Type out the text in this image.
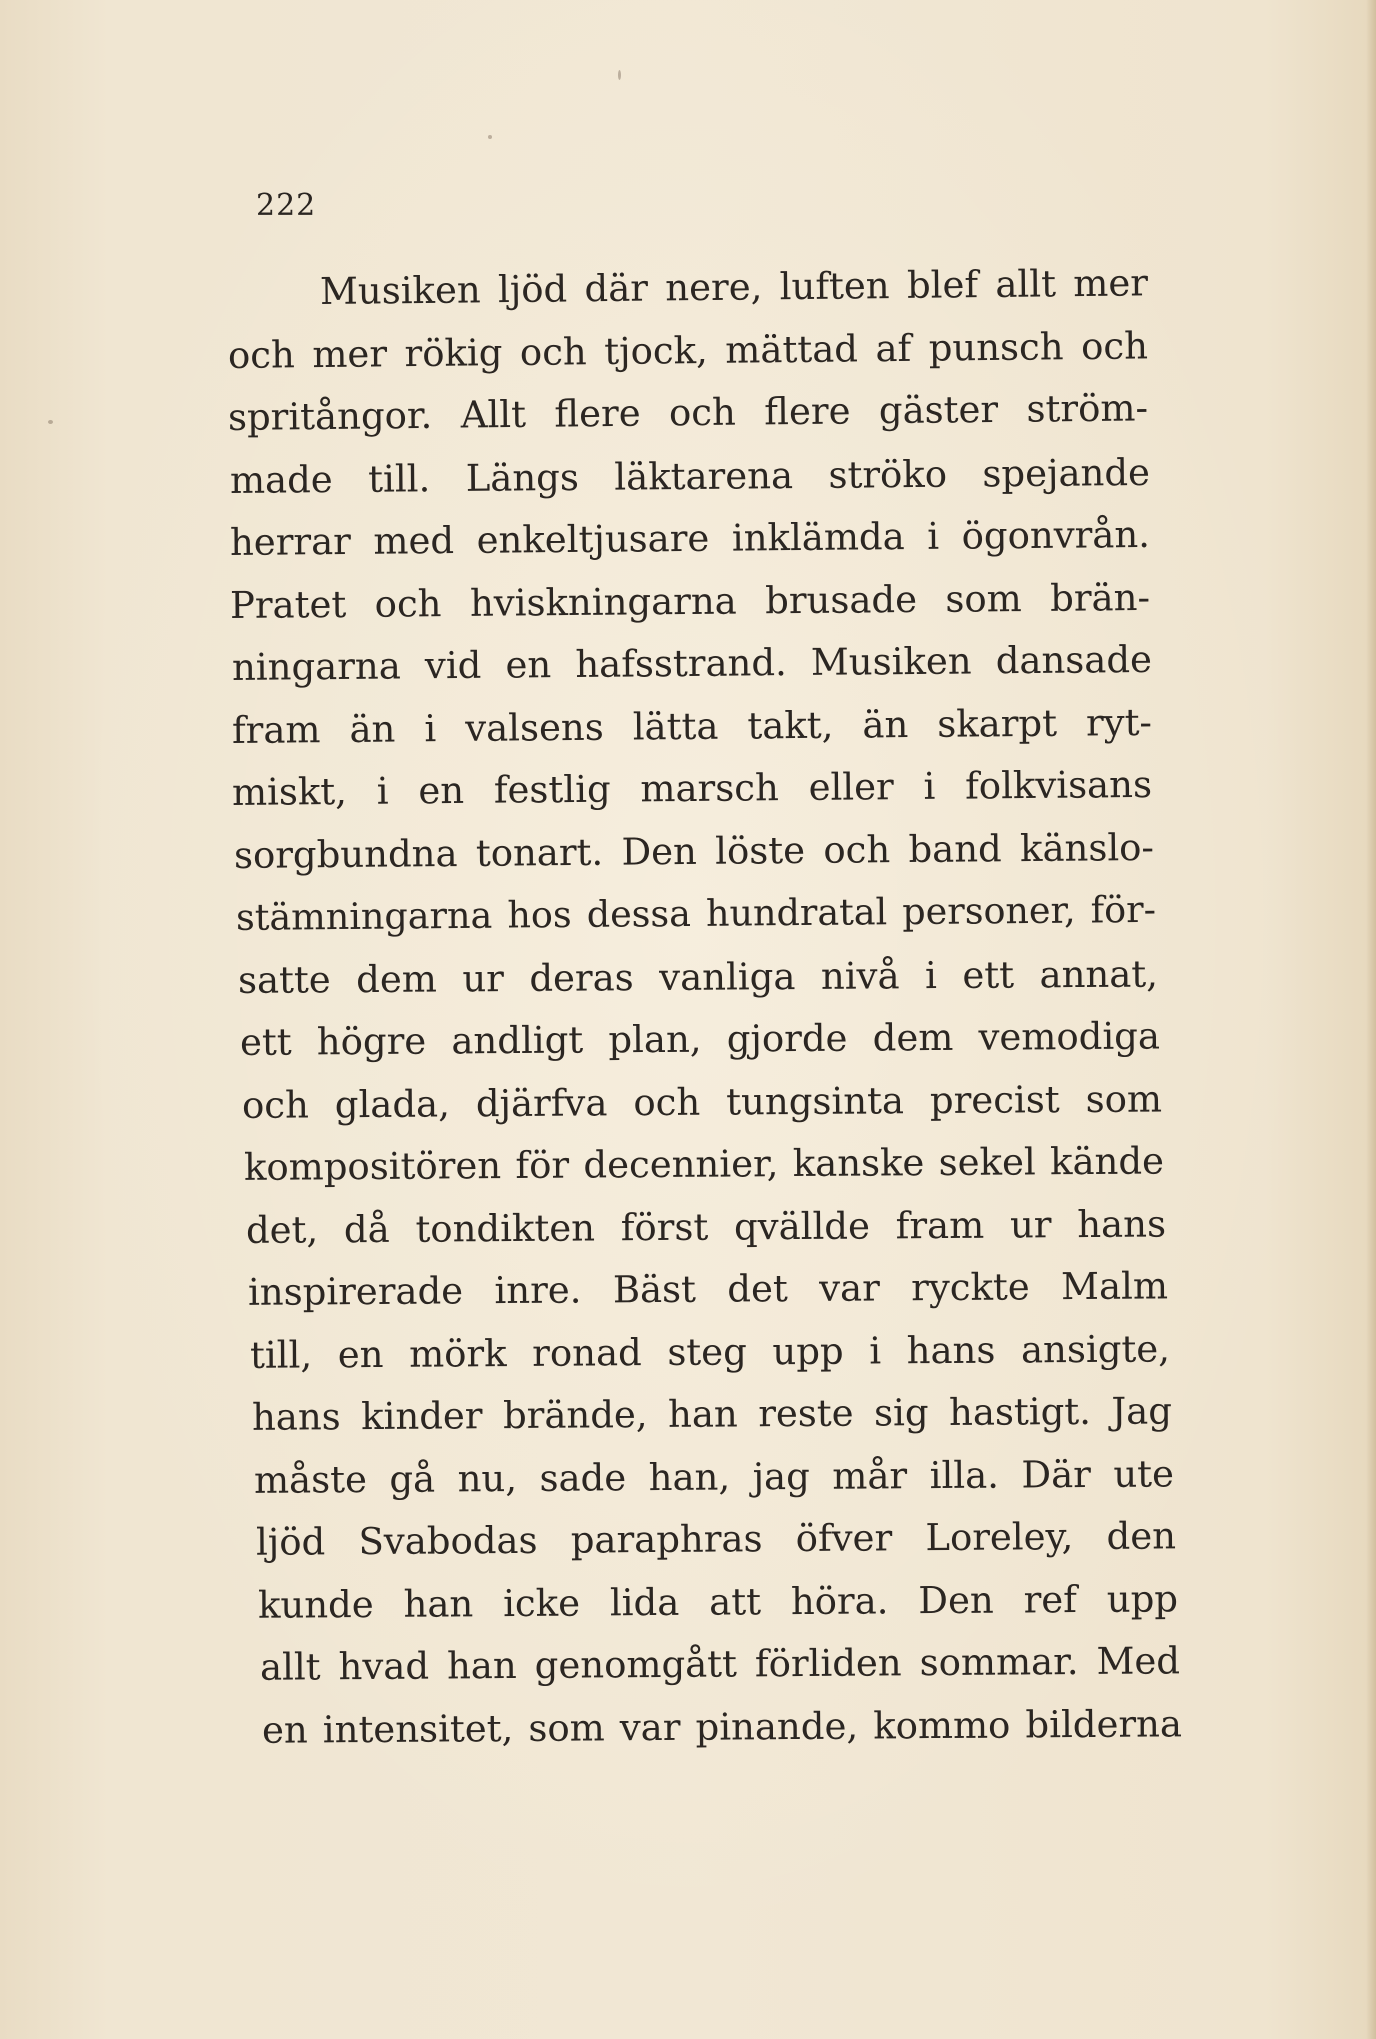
222

Musiken ljöd där nere, luften blef allt mer
och mer rökig och tjock, mättad af punsch och
spritångor. Allt flere och flere gäster ström-
made till. Längs läktarena ströko spejande
herrar med enkeltjusare inklämda i ögonvrån.
Pratet och hviskningarna brusade som brän-
ningarna vid en hafsstrand. Musiken dansade
fram än i valsens lätta takt, än skarpt ryt-
miskt, i en festlig marsch eller i folkvisans
sorgbundna tonart. Den löste och band känslo-
stämningarna hos dessa hundratal personer, för-
satte dem ur deras vanliga nivå i ett annat,
ett högre andligt plan, gjorde dem vemodiga
och glada, djärfva och tungsinta precist som
kompositören för decennier, kanske sekel kände
det, då tondikten först qvällde fram ur hans
inspirerade inre. Bäst det var ryckte Malm
till, en mörk ronad steg upp i hans ansigte,
hans kinder brände, han reste sig hastigt. Jag
måste gå nu, sade han, jag mår illa. Där ute
ljöd Svabodas paraphras öfver Loreley, den
kunde han icke lida att höra. Den ref upp
allt hvad han genomgått förliden sommar. Med
en intensitet, som var pinande, kommo bilderna
